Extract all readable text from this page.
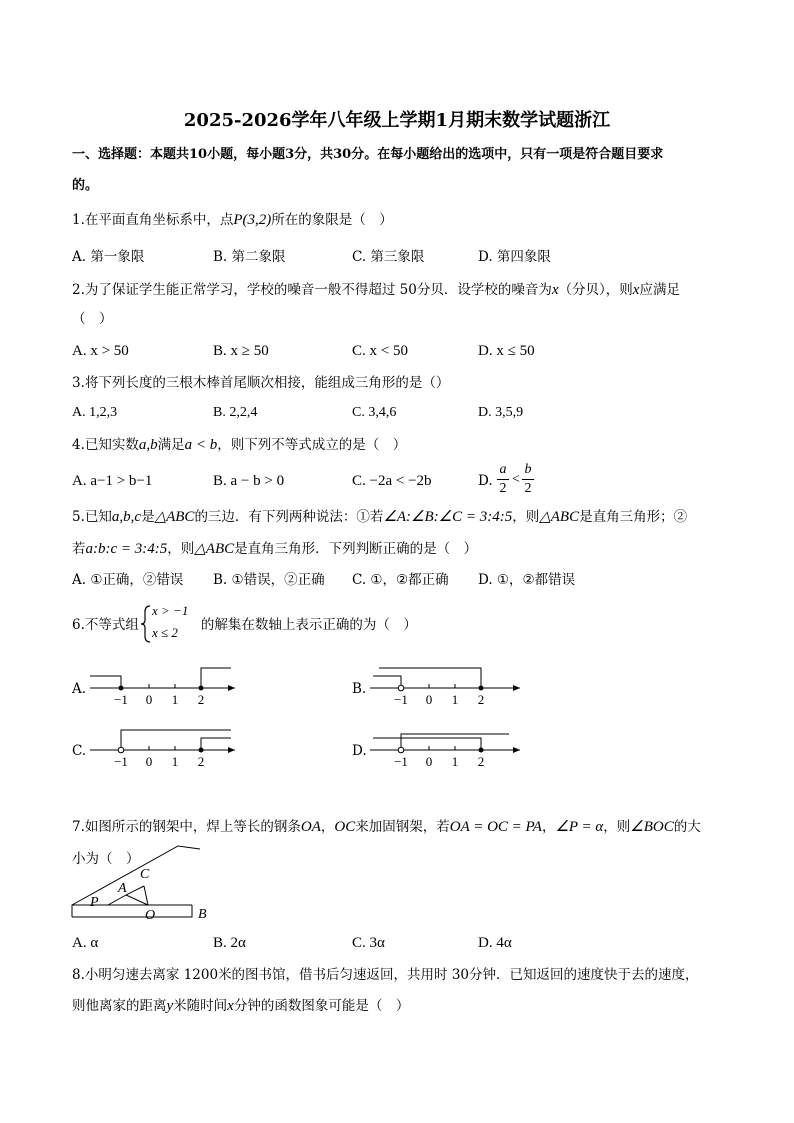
2025-2026学年八年级上学期1月期末数学试题浙江
一、选择题：本题共10小题，每小题3分，共30分。在每小题给出的选项中，只有一项是符合题目要求
的。
1.在平面直角坐标系中，点P(3,2)所在的象限是（　）
A. 第一象限	B. 第二象限	C. 第三象限	D. 第四象限
2.为了保证学生能正常学习，学校的噪音一般不得超过 50分贝．设学校的噪音为x（分贝），则x应满足
（　）
A. x > 50	B. x ≥ 50	C. x < 50	D. x ≤ 50
3.将下列长度的三根木棒首尾顺次相接，能组成三角形的是（）
A. 1,2,3	B. 2,2,4	C. 3,4,6	D. 3,5,9
4.已知实数a,b满足a < b，则下列不等式成立的是（　）
A. a−1 > b−1	B. a − b > 0	C. −2a < −2b	D.
a
2
<
b
2
5.已知a,b,c是△ABC的三边．有下列两种说法：①若∠A:∠B:∠C = 3:4:5，则△ABC是直角三角形；②
若a:b:c = 3:4:5，则△ABC是直角三角形．下列判断正确的是（　）
A. ①正确，②错误 B. ①错误，②正确 C. ①，②都正确 D. ①，②都错误
6.不等式组	的解集在数轴上表示正确的为（　）
x > −1
x ≤ 2
A.
−1 0 1 2
B.
−1 0 1 2
C.
−1 0 1 2
D.
−1 0 1 2
7.如图所示的钢架中，焊上等长的钢条OA，OC来加固钢架，若OA = OC = PA，∠P = α，则∠BOC的大
小为（　）
P
A
C
O	B
A. α	B. 2α	C. 3α	D. 4α
8.小明匀速去离家 1200米的图书馆，借书后匀速返回，共用时 30分钟．已知返回的速度快于去的速度，
则他离家的距离y米随时间x分钟的函数图象可能是（　）
